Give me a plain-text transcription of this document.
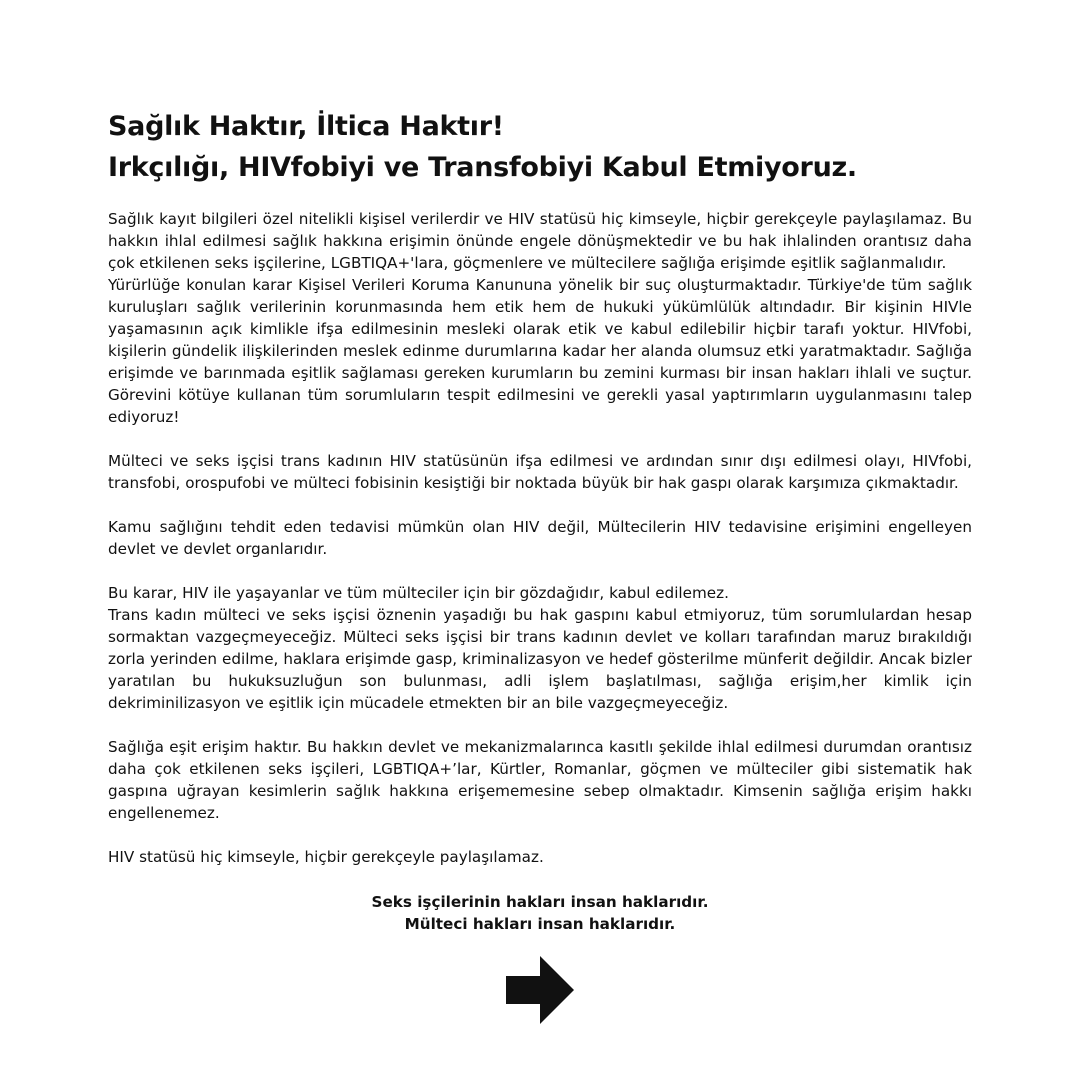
Sağlık Haktır, İltica Haktır!
Irkçılığı, HIVfobiyi ve Transfobiyi Kabul Etmiyoruz.

Sağlık kayıt bilgileri özel nitelikli kişisel verilerdir ve HIV statüsü hiç kimseyle, hiçbir gerekçeyle paylaşılamaz. Bu hakkın ihlal edilmesi sağlık hakkına erişimin önünde engele dönüşmektedir ve bu hak ihlalinden orantısız daha çok etkilenen seks işçilerine, LGBTIQA+'lara, göçmenlere ve mültecilere sağlığa erişimde eşitlik sağlanmalıdır.

Yürürlüğe konulan karar Kişisel Verileri Koruma Kanununa yönelik bir suç oluşturmaktadır. Türkiye'de tüm sağlık kuruluşları sağlık verilerinin korunmasında hem etik hem de hukuki yükümlülük altındadır. Bir kişinin HIVle yaşamasının açık kimlikle ifşa edilmesinin mesleki olarak etik ve kabul edilebilir hiçbir tarafı yoktur. HIVfobi, kişilerin gündelik ilişkilerinden meslek edinme durumlarına kadar her alanda olumsuz etki yaratmaktadır. Sağlığa erişimde ve barınmada eşitlik sağlaması gereken kurumların bu zemini kurması bir insan hakları ihlali ve suçtur. Görevini kötüye kullanan tüm sorumluların tespit edilmesini ve gerekli yasal yaptırımların uygulanmasını talep ediyoruz!

Mülteci ve seks işçisi trans kadının HIV statüsünün ifşa edilmesi ve ardından sınır dışı edilmesi olayı, HIVfobi, transfobi, orospufobi ve mülteci fobisinin kesiştiği bir noktada büyük bir hak gaspı olarak karşımıza çıkmaktadır.

Kamu sağlığını tehdit eden tedavisi mümkün olan HIV değil, Mültecilerin HIV tedavisine erişimini engelleyen devlet ve devlet organlarıdır.

Bu karar, HIV ile yaşayanlar ve tüm mülteciler için bir gözdağıdır, kabul edilemez.

Trans kadın mülteci ve seks işçisi öznenin yaşadığı bu hak gaspını kabul etmiyoruz, tüm sorumlulardan hesap sormaktan vazgeçmeyeceğiz. Mülteci seks işçisi bir trans kadının devlet ve kolları tarafından maruz bırakıldığı zorla yerinden edilme, haklara erişimde gasp, kriminalizasyon ve hedef gösterilme münferit değildir. Ancak bizler yaratılan bu hukuksuzluğun son bulunması, adli işlem başlatılması, sağlığa erişim,her kimlik için dekriminilizasyon ve eşitlik için mücadele etmekten bir an bile vazgeçmeyeceğiz.

Sağlığa eşit erişim haktır. Bu hakkın devlet ve mekanizmalarınca kasıtlı şekilde ihlal edilmesi durumdan orantısız daha çok etkilenen seks işçileri, LGBTIQA+’lar, Kürtler, Romanlar, göçmen ve mülteciler gibi sistematik hak gaspına uğrayan kesimlerin sağlık hakkına erişememesine sebep olmaktadır. Kimsenin sağlığa erişim hakkı engellenemez.

HIV statüsü hiç kimseyle, hiçbir gerekçeyle paylaşılamaz.

Seks işçilerinin hakları insan haklarıdır.
Mülteci hakları insan haklarıdır.
